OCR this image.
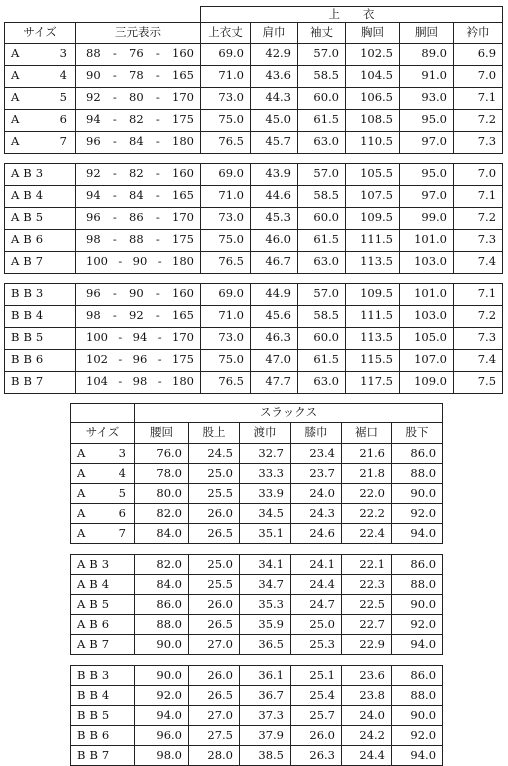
		上　　衣					
サイズ	三元表示	上衣丈	肩巾	袖丈	胸回	胴回	衿巾

A 3	88 - 76 - 160	69.0	42.9	57.0	102.5	89.0	6.9

A 4	90 - 78 - 165	71.0	43.6	58.5	104.5	91.0	7.0

A 5	92 - 80 - 170	73.0	44.3	60.0	106.5	93.0	7.1

A 6	94 - 82 - 175	75.0	45.0	61.5	108.5	95.0	7.2

A 7	96 - 84 - 180	76.5	45.7	63.0	110.5	97.0	7.3

AB3	92 - 82 - 160	69.0	43.9	57.0	105.5	95.0	7.0
AB4	94 - 84 - 165	71.0	44.6	58.5	107.5	97.0	7.1
AB5	96 - 86 - 170	73.0	45.3	60.0	109.5	99.0	7.2
AB6	98 - 88 - 175	75.0	46.0	61.5	111.5	101.0	7.3
AB7	100 - 90 - 180	76.5	46.7	63.0	113.5	103.0	7.4

BB3	96 - 90 - 160	69.0	44.9	57.0	109.5	101.0	7.1
BB4	98 - 92 - 165	71.0	45.6	58.5	111.5	103.0	7.2
BB5	100 - 94 - 170	73.0	46.3	60.0	113.5	105.0	7.3
BB6	102 - 96 - 175	75.0	47.0	61.5	115.5	107.0	7.4
BB7	104 - 98 - 180	76.5	47.7	63.0	117.5	109.0	7.5
	スラックス					
サイズ	腰回	股上	渡巾	膝巾	裾口	股下

A 3	76.0	24.5	32.7	23.4	21.6	86.0

A 4	78.0	25.0	33.3	23.7	21.8	88.0

A 5	80.0	25.5	33.9	24.0	22.0	90.0

A 6	82.0	26.0	34.5	24.3	22.2	92.0

A 7	84.0	26.5	35.1	24.6	22.4	94.0

AB3	82.0	25.0	34.1	24.1	22.1	86.0
AB4	84.0	25.5	34.7	24.4	22.3	88.0
AB5	86.0	26.0	35.3	24.7	22.5	90.0
AB6	88.0	26.5	35.9	25.0	22.7	92.0
AB7	90.0	27.0	36.5	25.3	22.9	94.0

BB3	90.0	26.0	36.1	25.1	23.6	86.0
BB4	92.0	26.5	36.7	25.4	23.8	88.0
BB5	94.0	27.0	37.3	25.7	24.0	90.0
BB6	96.0	27.5	37.9	26.0	24.2	92.0
BB7	98.0	28.0	38.5	26.3	24.4	94.0
